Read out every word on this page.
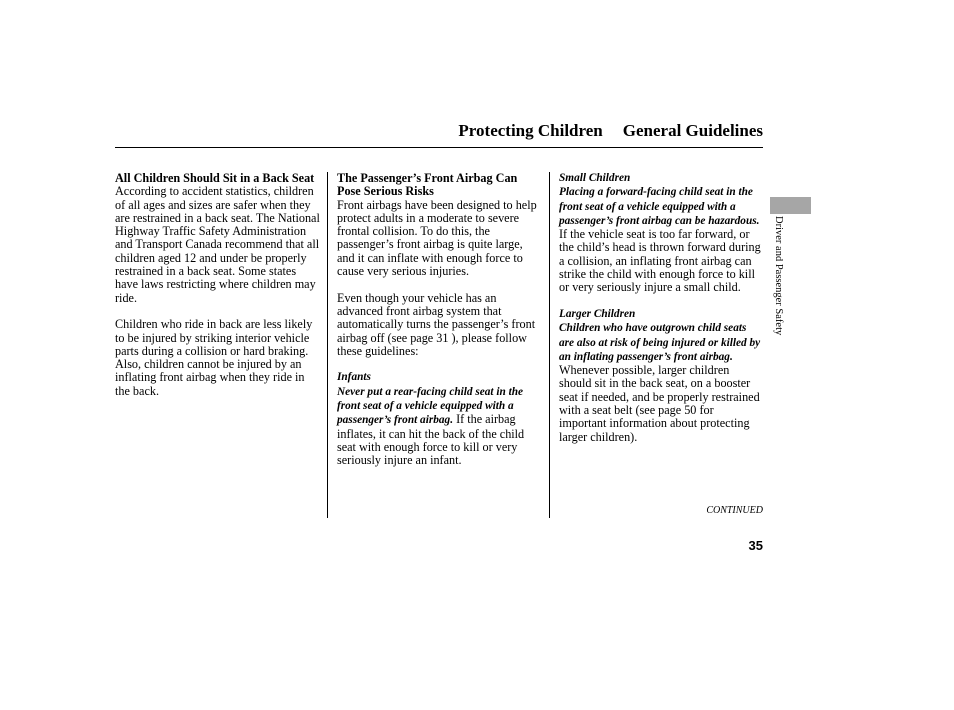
Protecting Children General Guidelines

All Children Should Sit in a Back Seat

According to accident statistics, children of all ages and sizes are safer when they are restrained in a back seat. The National Highway Traffic Safety Administration and Transport Canada recommend that all children aged 12 and under be properly restrained in a back seat. Some states have laws restricting where children may ride.

Children who ride in back are less likely to be injured by striking interior vehicle parts during a collision or hard braking. Also, children cannot be injured by an inflating front airbag when they ride in the back.

The Passenger’s Front Airbag Can Pose Serious Risks

Front airbags have been designed to help protect adults in a moderate to severe frontal collision. To do this, the passenger’s front airbag is quite large, and it can inflate with enough force to cause very serious injuries.

Even though your vehicle has an advanced front airbag system that automatically turns the passenger’s front airbag off (see page 31 ), please follow these guidelines:

Infants

Never put a rear-facing child seat in the front seat of a vehicle equipped with a passenger’s front airbag. If the airbag inflates, it can hit the back of the child seat with enough force to kill or very seriously injure an infant.

Small Children

Placing a forward-facing child seat in the front seat of a vehicle equipped with a passenger’s front airbag can be hazardous. If the vehicle seat is too far forward, or the child’s head is thrown forward during a collision, an inflating front airbag can strike the child with enough force to kill or very seriously injure a small child.

Larger Children

Children who have outgrown child seats are also at risk of being injured or killed by an inflating passenger’s front airbag. Whenever possible, larger children should sit in the back seat, on a booster seat if needed, and be properly restrained with a seat belt (see page 50 for important information about protecting larger children).

Driver and Passenger Safety
CONTINUED
35
